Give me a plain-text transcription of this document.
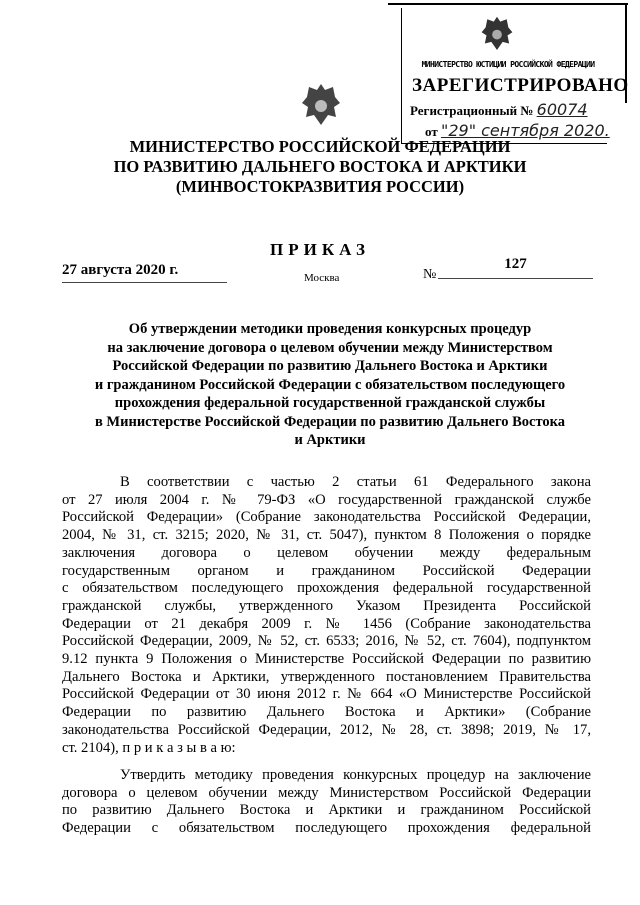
МИНИСТЕРСТВО ЮСТИЦИИ РОССИЙСКОЙ ФЕДЕРАЦИИ
ЗАРЕГИСТРИРОВАНО
Регистрационный № 60074
от "29" сентября 2020.
МИНИСТЕРСТВО РОССИЙСКОЙ ФЕДЕРАЦИИ
ПО РАЗВИТИЮ ДАЛЬНЕГО ВОСТОКА И АРКТИКИ
(МИНВОСТОКРАЗВИТИЯ РОССИИ)
ПРИКАЗ
27 августа 2020 г.	Москва	№
127
Об утверждении методики проведения конкурсных процедур
на заключение договора о целевом обучении между Министерством
Российской Федерации по развитию Дальнего Востока и Арктики
и гражданином Российской Федерации с обязательством последующего
прохождения федеральной государственной гражданской службы
в Министерстве Российской Федерации по развитию Дальнего Востока
и Арктики
В соответствии с частью 2 статьи 61 Федерального закона
от 27 июля 2004 г. № 79-ФЗ «О государственной гражданской службе
Российской Федерации» (Собрание законодательства Российской Федерации,
2004, № 31, ст. 3215; 2020, № 31, ст. 5047), пунктом 8 Положения о порядке
заключения договора о целевом обучении между федеральным
государственным органом и гражданином Российской Федерации
с обязательством последующего прохождения федеральной государственной
гражданской службы, утвержденного Указом Президента Российской
Федерации от 21 декабря 2009 г. № 1456 (Собрание законодательства
Российской Федерации, 2009, № 52, ст. 6533; 2016, № 52, ст. 7604), подпунктом
9.12 пункта 9 Положения о Министерстве Российской Федерации по развитию
Дальнего Востока и Арктики, утвержденного постановлением Правительства
Российской Федерации от 30 июня 2012 г. № 664 «О Министерстве Российской
Федерации по развитию Дальнего Востока и Арктики» (Собрание
законодательства Российской Федерации, 2012, № 28, ст. 3898; 2019, № 17,
ст. 2104), п р и к а з ы в а ю:
Утвердить методику проведения конкурсных процедур на заключение
договора о целевом обучении между Министерством Российской Федерации
по развитию Дальнего Востока и Арктики и гражданином Российской
Федерации с обязательством последующего прохождения федеральной
